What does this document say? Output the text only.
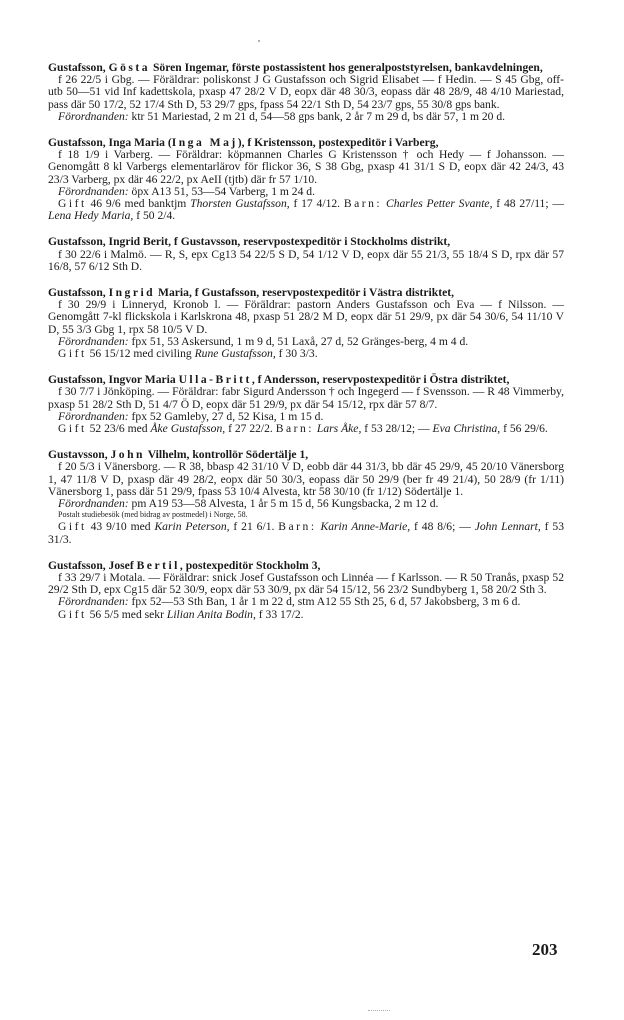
Gustafsson, Gösta Sören Ingemar, förste postassistent hos generalpoststyrelsen, bankavdelningen,

f 26 22/5 i Gbg. — Föräldrar: poliskonst J G Gustafsson och Sigrid Elisabet — f Hedin. — S 45 Gbg, off-utb 50—51 vid Inf kadettskola, pxasp 47 28/2 V D, eopx där 48 30/3, eopass där 48 28/9, 48 4/10 Mariestad, pass där 50 17/2, 52 17/4 Sth D, 53 29/7 gps, fpass 54 22/1 Sth D, 54 23/7 gps, 55 30/8 gps bank.

Förordnanden: ktr 51 Mariestad, 2 m 21 d, 54—58 gps bank, 2 år 7 m 29 d, bs där 57, 1 m 20 d.

Gustafsson, Inga Maria (Inga Maj), f Kristensson, postexpeditör i Varberg,

f 18 1/9 i Varberg. — Föräldrar: köpmannen Charles G Kristensson † och Hedy — f Johansson. — Genomgått 8 kl Varbergs elementarlärov för flickor 36, S 38 Gbg, pxasp 41 31/1 S D, eopx där 42 24/3, 43 23/3 Varberg, px där 46 22/2, px AeII (tjtb) där fr 57 1/10.

Förordnanden: öpx A13 51, 53—54 Varberg, 1 m 24 d.

Gift 46 9/6 med banktjm Thorsten Gustafsson, f 17 4/12. Barn: Charles Petter Svante, f 48 27/11; — Lena Hedy Maria, f 50 2/4.

Gustafsson, Ingrid Berit, f Gustavsson, reservpostexpeditör i Stockholms distrikt,

f 30 22/6 i Malmö. — R, S, epx Cg13 54 22/5 S D, 54 1/12 V D, eopx där 55 21/3, 55 18/4 S D, rpx där 57 16/8, 57 6/12 Sth D.

Gustafsson, Ingrid Maria, f Gustafsson, reservpostexpeditör i Västra distriktet,

f 30 29/9 i Linneryd, Kronob l. — Föräldrar: pastorn Anders Gustafsson och Eva — f Nilsson. — Genomgått 7-kl flickskola i Karlskrona 48, pxasp 51 28/2 M D, eopx där 51 29/9, px där 54 30/6, 54 11/10 V D, 55 3/3 Gbg 1, rpx 58 10/5 V D.

Förordnanden: fpx 51, 53 Askersund, 1 m 9 d, 51 Laxå, 27 d, 52 Gränges-berg, 4 m 4 d.

Gift 56 15/12 med civiling Rune Gustafsson, f 30 3/3.

Gustafsson, Ingvor Maria Ulla-Britt, f Andersson, reservpostexpeditör i Östra distriktet,

f 30 7/7 i Jönköping. — Föräldrar: fabr Sigurd Andersson † och Ingegerd — f Svensson. — R 48 Vimmerby, pxasp 51 28/2 Sth D, 51 4/7 Ö D, eopx där 51 29/9, px där 54 15/12, rpx där 57 8/7.

Förordnanden: fpx 52 Gamleby, 27 d, 52 Kisa, 1 m 15 d.

Gift 52 23/6 med Åke Gustafsson, f 27 22/2. Barn: Lars Åke, f 53 28/12; — Eva Christina, f 56 29/6.

Gustavsson, John Vilhelm, kontrollör Södertälje 1,

f 20 5/3 i Vänersborg. — R 38, bbasp 42 31/10 V D, eobb där 44 31/3, bb där 45 29/9, 45 20/10 Vänersborg 1, 47 11/8 V D, pxasp där 49 28/2, eopx där 50 30/3, eopass där 50 29/9 (ber fr 49 21/4), 50 28/9 (fr 1/11) Vänersborg 1, pass där 51 29/9, fpass 53 10/4 Alvesta, ktr 58 30/10 (fr 1/12) Södertälje 1.

Förordnanden: pm A19 53—58 Alvesta, 1 år 5 m 15 d, 56 Kungsbacka, 2 m 12 d.

Postalt studiebesök (med bidrag av postmedel) i Norge, 58.

Gift 43 9/10 med Karin Peterson, f 21 6/1. Barn: Karin Anne-Marie, f 48 8/6; — John Lennart, f 53 31/3.

Gustafsson, Josef Bertil, postexpeditör Stockholm 3,

f 33 29/7 i Motala. — Föräldrar: snick Josef Gustafsson och Linnéa — f Karlsson. — R 50 Tranås, pxasp 52 29/2 Sth D, epx Cg15 där 52 30/9, eopx där 53 30/9, px där 54 15/12, 56 23/2 Sundbyberg 1, 58 20/2 Sth 3.

Förordnanden: fpx 52—53 Sth Ban, 1 år 1 m 22 d, stm A12 55 Sth 25, 6 d, 57 Jakobsberg, 3 m 6 d.

Gift 56 5/5 med sekr Lilian Anita Bodin, f 33 17/2.

203
